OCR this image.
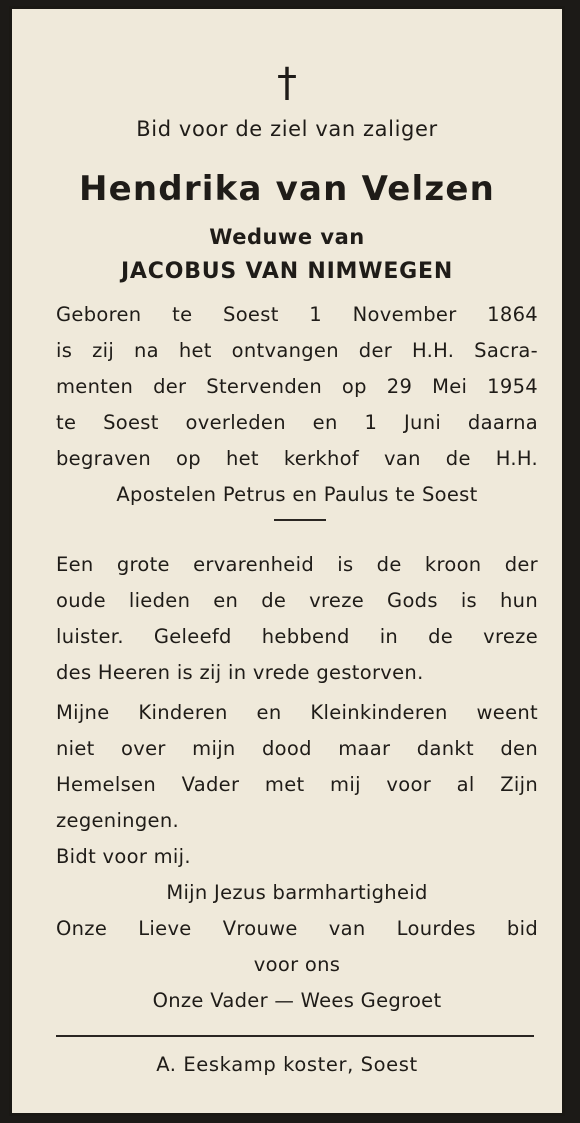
†
Bid voor de ziel van zaliger
Hendrika van Velzen
Weduwe van
JACOBUS VAN NIMWEGEN
Geboren te Soest 1 November 1864
is zij na het ontvangen der H.H. Sacra-
menten der Stervenden op 29 Mei 1954
te Soest overleden en 1 Juni daarna
begraven op het kerkhof van de H.H.
Apostelen Petrus en Paulus te Soest
Een grote ervarenheid is de kroon der
oude lieden en de vreze Gods is hun
luister. Geleefd hebbend in de vreze
des Heeren is zij in vrede gestorven.
Mijne Kinderen en Kleinkinderen weent
niet over mijn dood maar dankt den
Hemelsen Vader met mij voor al Zijn
zegeningen.
Bidt voor mij.
Mijn Jezus barmhartigheid
Onze Lieve Vrouwe van Lourdes bid
voor ons
Onze Vader — Wees Gegroet
A. Eeskamp koster, Soest
